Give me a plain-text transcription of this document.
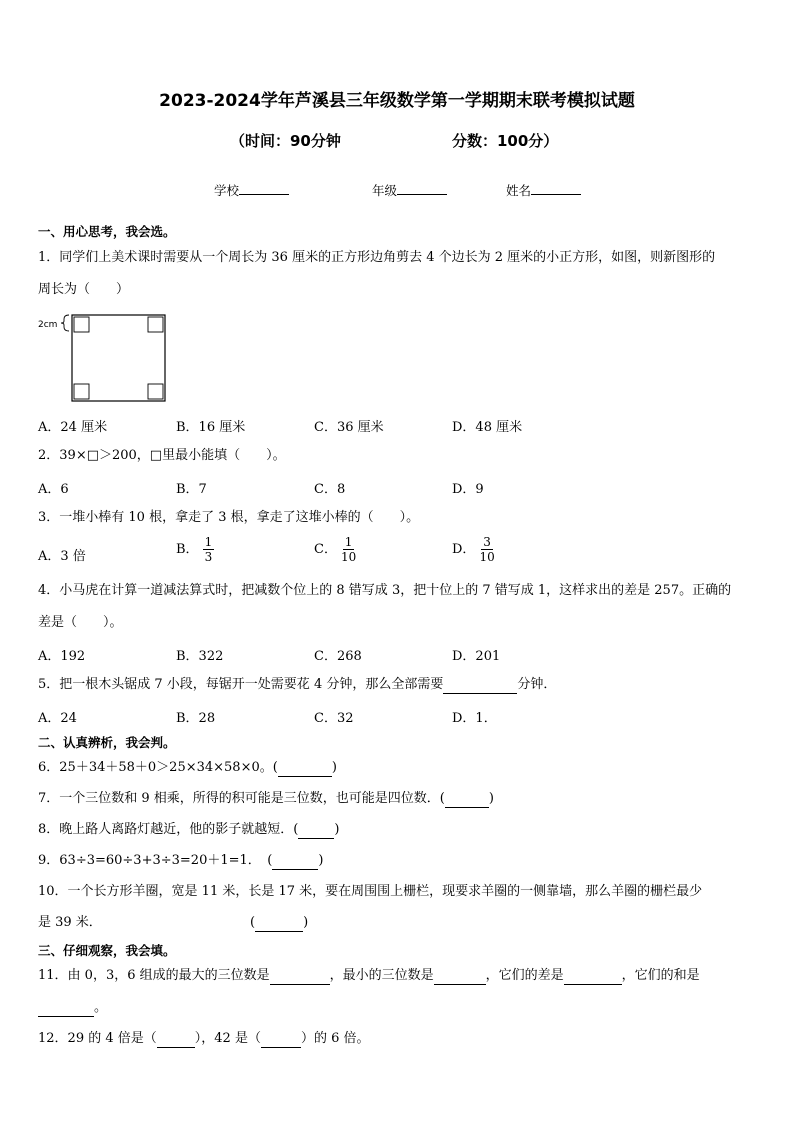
2023-2024学年芦溪县三年级数学第一学期期末联考模拟试题
（时间：90分钟	分数：100分）
学校	年级	姓名
一、用心思考，我会选。
1．同学们上美术课时需要从一个周长为 36 厘米的正方形边角剪去 4 个边长为 2 厘米的小正方形，如图，则新图形的
周长为（　　）
2cm
A．24 厘米	B．16 厘米	C．36 厘米	D．48 厘米
2．39×□＞200，□里最小能填（　　）。
A．6	B．7	C．8	D．9
3．一堆小棒有 10 根，拿走了 3 根，拿走了这堆小棒的（　　）。
A．3 倍	B． $\frac{1}{3}$	C． $\frac{1}{10}$	D． $\frac{3}{10}$
4．小马虎在计算一道减法算式时，把减数个位上的 8 错写成 3，把十位上的 7 错写成 1，这样求出的差是 257。正确的
差是（　　）。
A．192	B．322	C．268	D．201
5．把一根木头锯成 7 小段，每锯开一处需要花 4 分钟，那么全部需要	分钟．
A．24	B．28	C．32	D．1．
二、认真辨析，我会判。
6．25＋34＋58＋0＞25×34×58×0。(	)
7．一个三位数和 9 相乘，所得的积可能是三位数，也可能是四位数．(	)
8．晚上路人离路灯越近，他的影子就越短．(	)
9．63÷3=60÷3+3÷3=20＋1=1．　(	)
10．一个长方形羊圈，宽是 11 米，长是 17 米，要在周围围上栅栏，现要求羊圈的一侧靠墙，那么羊圈的栅栏最少
是 39 米．	(	)
三、仔细观察，我会填。
11．由 0，3，6 组成的最大的三位数是	，最小的三位数是	，它们的差是	，它们的和是
。
12．29 的 4 倍是（	），42 是（	）的 6 倍。
